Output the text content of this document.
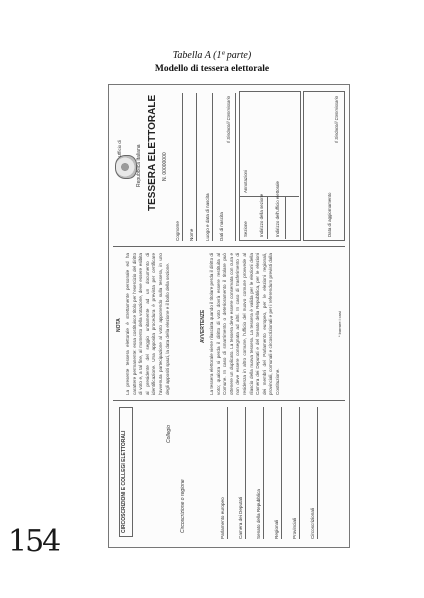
Tabella A (1ª parte)
Modello di tessera elettorale
CIRCOSCRIZIONI E COLLEGI ELETTORALI	Circoscrizione o regione
Collegio
Parlamento europeo	Camera dei Deputati	Senato della Repubblica	Regionali	Provinciali	Circoscrizionali
NOTA La presente tessera elettorale è strettamente personale ed ha carattere permanente: essa costituisce titolo per l'esercizio del diritto di voto e, a tal fine, al momento della votazione, deve essere esibita al presidente del seggio unitamente ad un documento di identificazione. Una apposita procedura è prevista per certificare l'avvenuta partecipazione al voto apponendo sulla tessera, in uno degli appositi spazi, la data della elezione e il bollo della sezione.	AVVERTENZE La tessera elettorale viene rilasciata quando il titolare perda il diritto di voto; qualora si perda il diritto di voto dovrà essere restituita al Comune. In caso di smarrimento o deterioramento il titolare può ottenere un duplicato. La tessera deve essere conservata con cura e non deve essere consegnata ad altri. In caso di trasferimento di residenza in altro comune, l'ufficio del nuovo comune provvede al rilascio della nuova tessera. La tessera è valida per le elezioni della Camera dei Deputati e del Senato della Repubblica, per le elezioni dei membri del Parlamento europeo, per le elezioni regionali, provinciali, comunali e circoscrizionali e per i referendum previsti dalla Costituzione.
* barrare i casi
Ufficio di	Repubblica Italiana TESSERA ELETTORALE N. 00000000
Cognome Nome Luogo e data di nascita Dati di nascita
Il Sindaco/il Commissario
Sezione
Annotazioni
Indirizzo della sezione	Indirizzo dell'ufficio elettorale	Data di aggiornamento
Il Sindaco/il Commissario
154
